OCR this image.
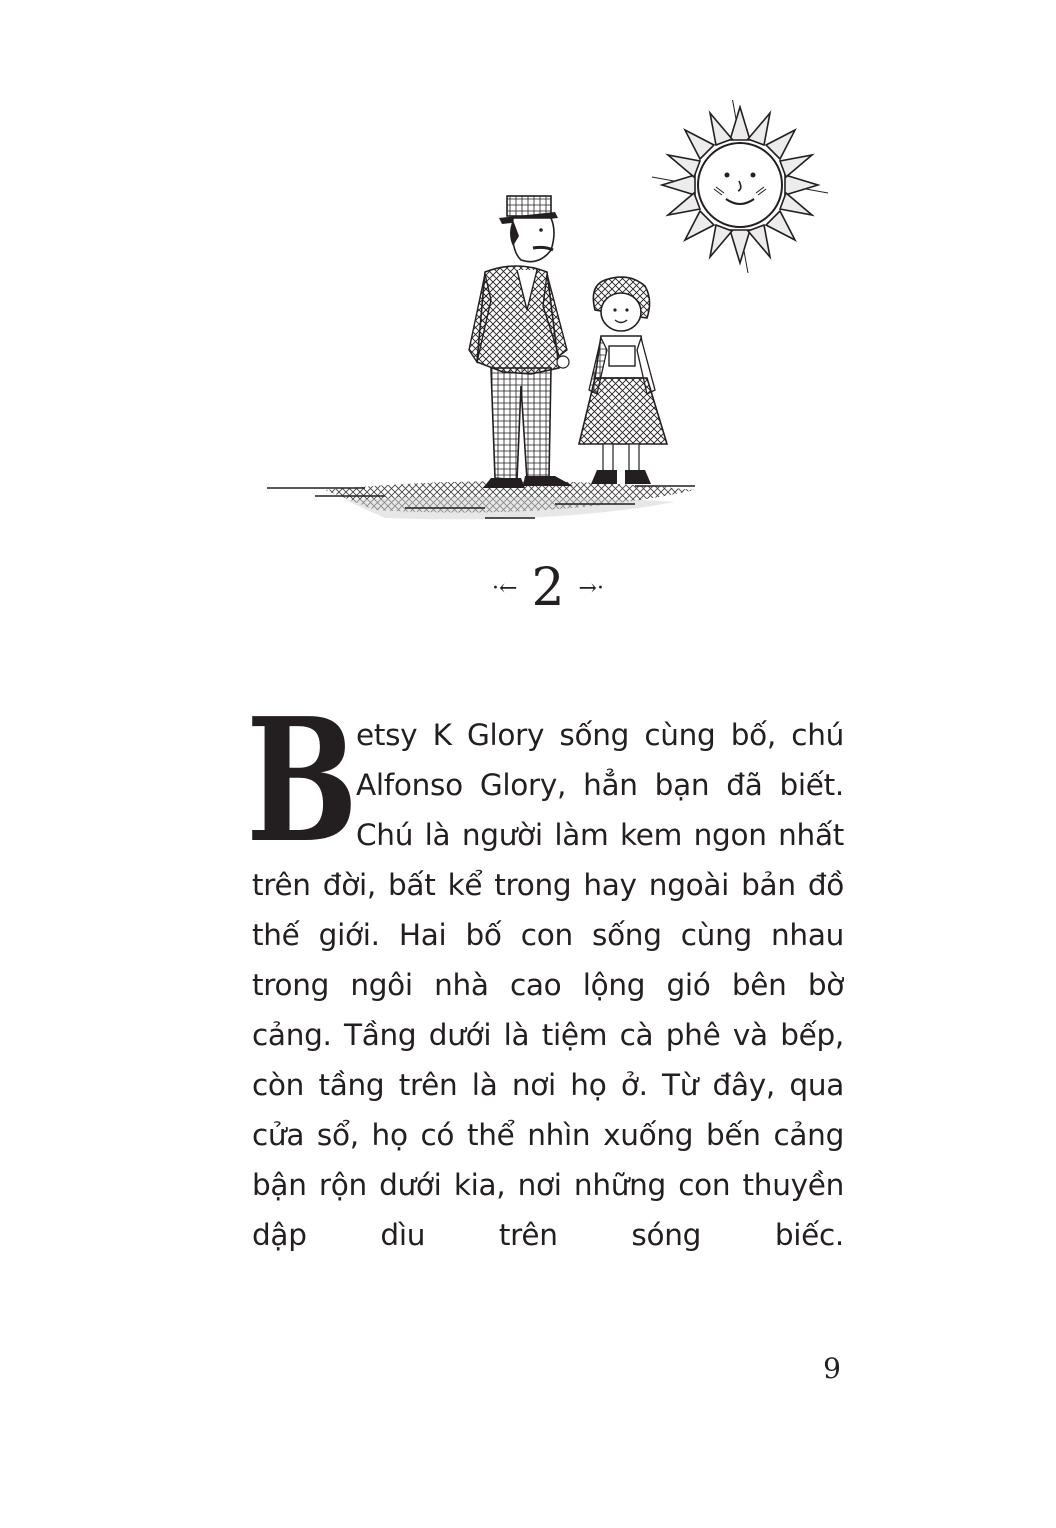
·← 2 →·

B
etsy K Glory sống cùng bố, chú Alfonso Glory, hẳn bạn đã biết. Chú là người làm kem ngon nhất trên đời, bất kể trong hay ngoài bản đồ thế giới. Hai bố con sống cùng nhau trong ngôi nhà cao lộng gió bên bờ cảng. Tầng dưới là tiệm cà phê và bếp, còn tầng trên là nơi họ ở. Từ đây, qua cửa sổ, họ có thể nhìn xuống bến cảng bận rộn dưới kia, nơi những con thuyền dập dìu trên sóng biếc.

9
